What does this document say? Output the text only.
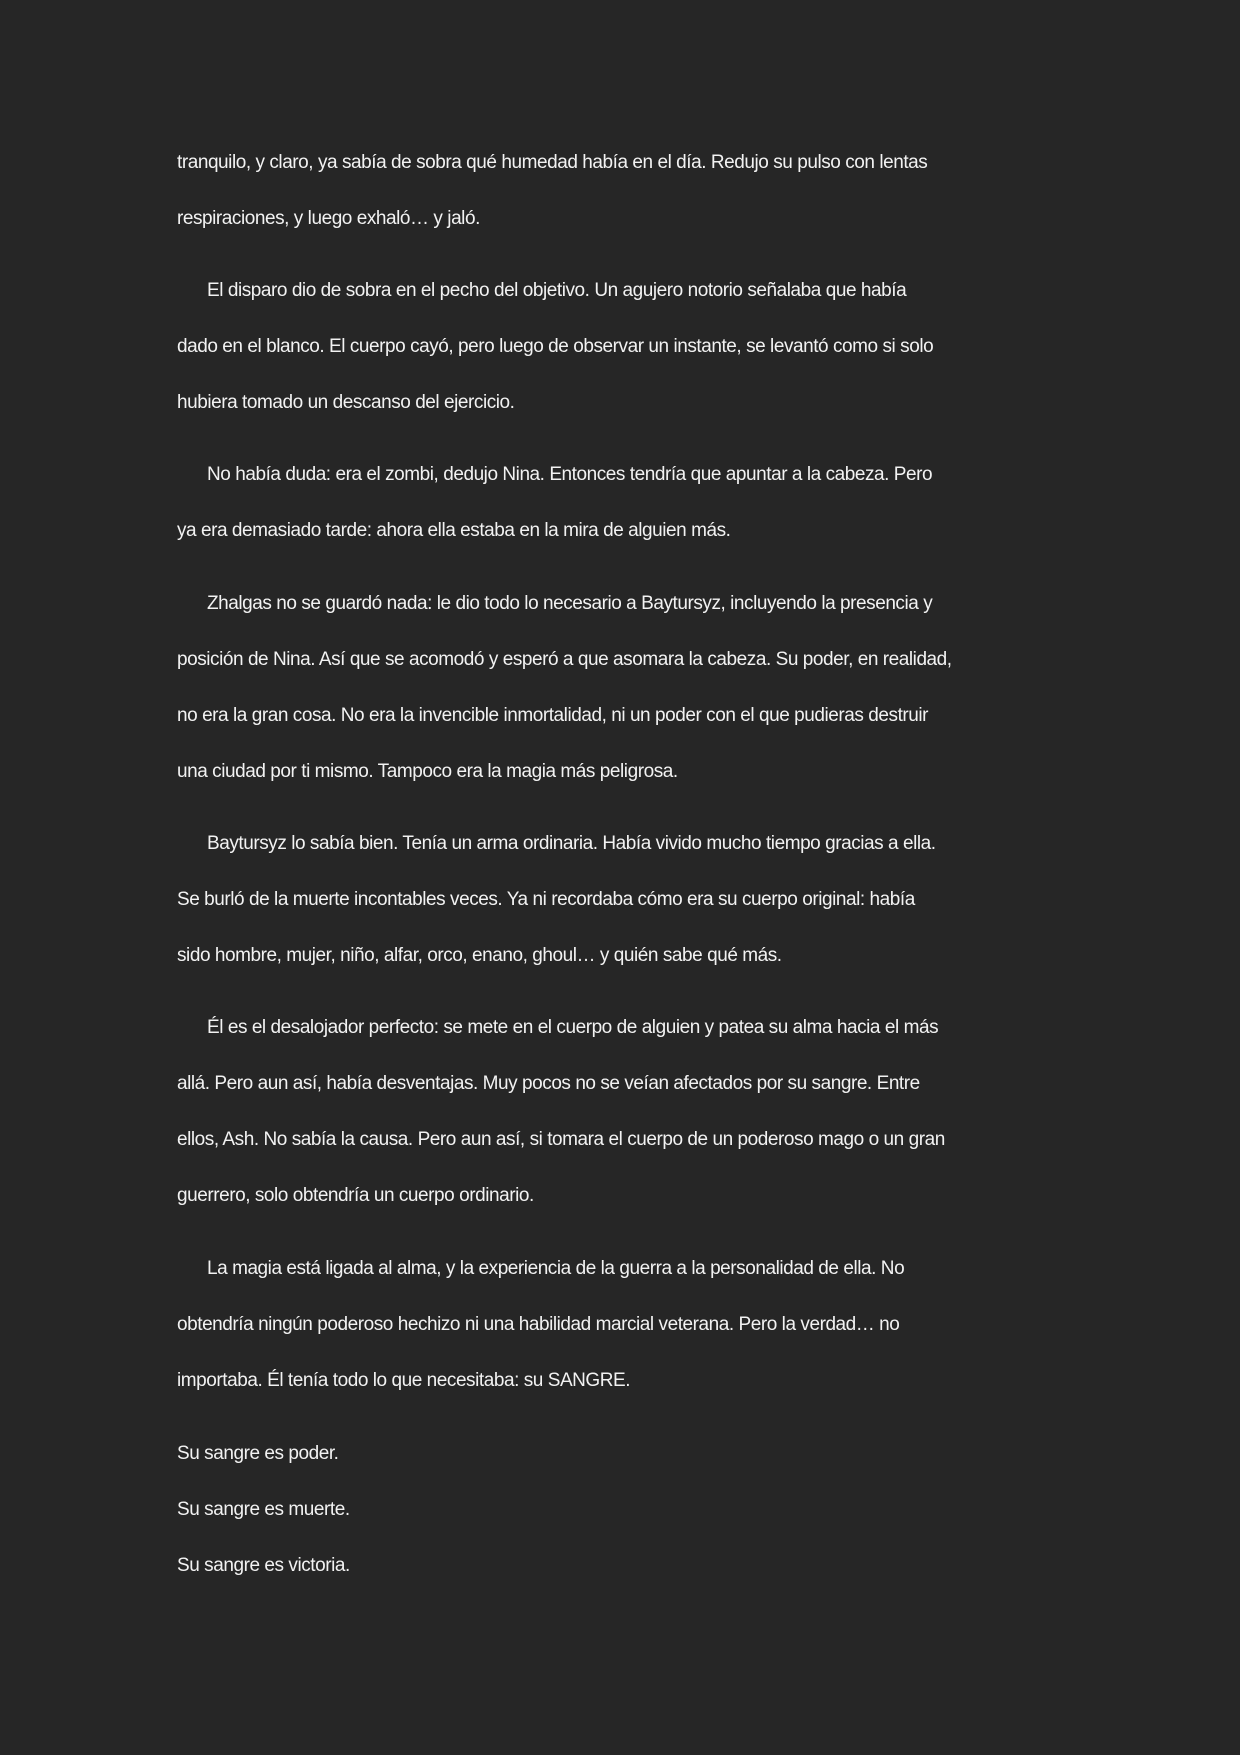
tranquilo, y claro, ya sabía de sobra qué humedad había en el día. Redujo su pulso con lentas
respiraciones, y luego exhaló… y jaló.
El disparo dio de sobra en el pecho del objetivo. Un agujero notorio señalaba que había
dado en el blanco. El cuerpo cayó, pero luego de observar un instante, se levantó como si solo
hubiera tomado un descanso del ejercicio.
No había duda: era el zombi, dedujo Nina. Entonces tendría que apuntar a la cabeza. Pero
ya era demasiado tarde: ahora ella estaba en la mira de alguien más.
Zhalgas no se guardó nada: le dio todo lo necesario a Baytursyz, incluyendo la presencia y
posición de Nina. Así que se acomodó y esperó a que asomara la cabeza. Su poder, en realidad,
no era la gran cosa. No era la invencible inmortalidad, ni un poder con el que pudieras destruir
una ciudad por ti mismo. Tampoco era la magia más peligrosa.
Baytursyz lo sabía bien. Tenía un arma ordinaria. Había vivido mucho tiempo gracias a ella.
Se burló de la muerte incontables veces. Ya ni recordaba cómo era su cuerpo original: había
sido hombre, mujer, niño, alfar, orco, enano, ghoul… y quién sabe qué más.
Él es el desalojador perfecto: se mete en el cuerpo de alguien y patea su alma hacia el más
allá. Pero aun así, había desventajas. Muy pocos no se veían afectados por su sangre. Entre
ellos, Ash. No sabía la causa. Pero aun así, si tomara el cuerpo de un poderoso mago o un gran
guerrero, solo obtendría un cuerpo ordinario.
La magia está ligada al alma, y la experiencia de la guerra a la personalidad de ella. No
obtendría ningún poderoso hechizo ni una habilidad marcial veterana. Pero la verdad… no
importaba. Él tenía todo lo que necesitaba: su SANGRE.
Su sangre es poder.
Su sangre es muerte.
Su sangre es victoria.
